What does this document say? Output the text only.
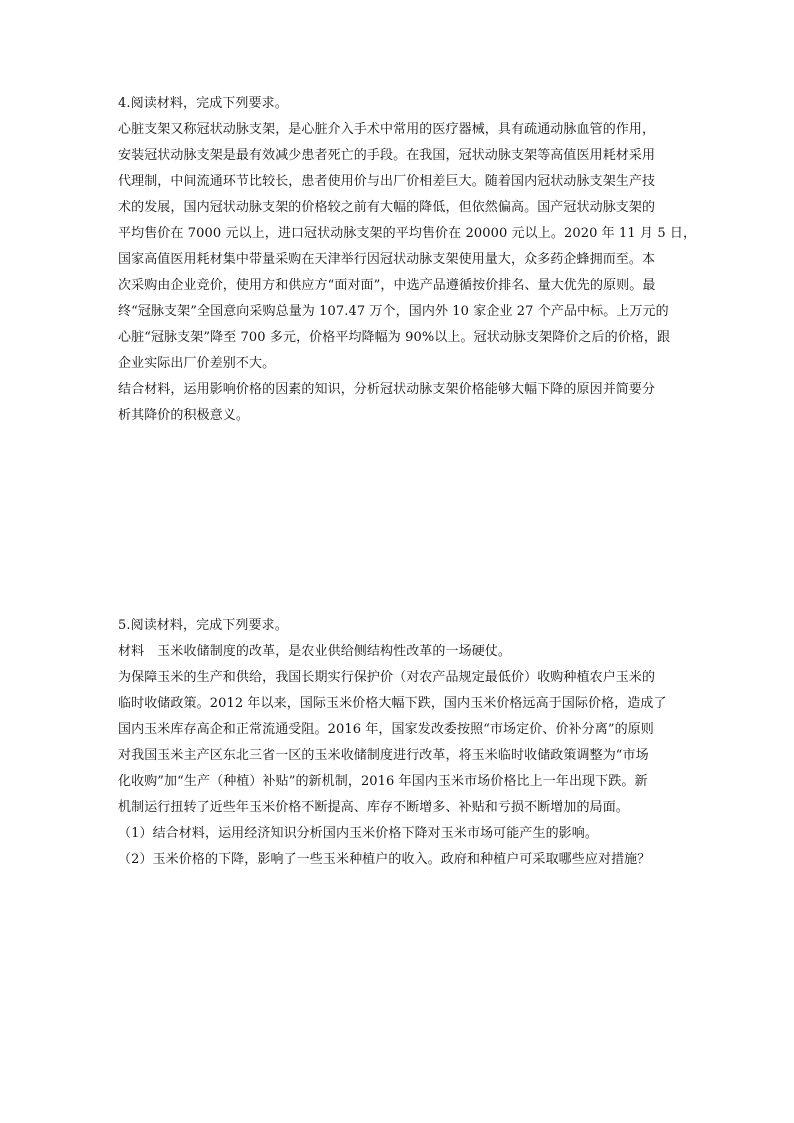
4.阅读材料，完成下列要求。
心脏支架又称冠状动脉支架，是心脏介入手术中常用的医疗器械，具有疏通动脉血管的作用，
安装冠状动脉支架是最有效减少患者死亡的手段。在我国，冠状动脉支架等高值医用耗材采用
代理制，中间流通环节比较长，患者使用价与出厂价相差巨大。随着国内冠状动脉支架生产技
术的发展，国内冠状动脉支架的价格较之前有大幅的降低，但依然偏高。国产冠状动脉支架的
平均售价在 7000 元以上，进口冠状动脉支架的平均售价在 20000 元以上。2020 年 11 月 5 日，
国家高值医用耗材集中带量采购在天津举行因冠状动脉支架使用量大，众多药企蜂拥而至。本
次采购由企业竞价，使用方和供应方“面对面”，中选产品遵循按价排名、量大优先的原则。最
终“冠脉支架”全国意向采购总量为 107.47 万个，国内外 10 家企业 27 个产品中标。上万元的
心脏“冠脉支架”降至 700 多元，价格平均降幅为 90%以上。冠状动脉支架降价之后的价格，跟
企业实际出厂价差别不大。
结合材料，运用影响价格的因素的知识，分析冠状动脉支架价格能够大幅下降的原因并简要分
析其降价的积极意义。
5.阅读材料，完成下列要求。
材料　玉米收储制度的改革，是农业供给侧结构性改革的一场硬仗。
为保障玉米的生产和供给，我国长期实行保护价（对农产品规定最低价）收购种植农户玉米的
临时收储政策。2012 年以来，国际玉米价格大幅下跌，国内玉米价格远高于国际价格，造成了
国内玉米库存高企和正常流通受阻。2016 年，国家发改委按照“市场定价、价补分离”的原则
对我国玉米主产区东北三省一区的玉米收储制度进行改革，将玉米临时收储政策调整为“市场
化收购”加“生产（种植）补贴”的新机制，2016 年国内玉米市场价格比上一年出现下跌。新
机制运行扭转了近些年玉米价格不断提高、库存不断增多、补贴和亏损不断增加的局面。
（1）结合材料，运用经济知识分析国内玉米价格下降对玉米市场可能产生的影响。
（2）玉米价格的下降，影响了一些玉米种植户的收入。政府和种植户可采取哪些应对措施？
